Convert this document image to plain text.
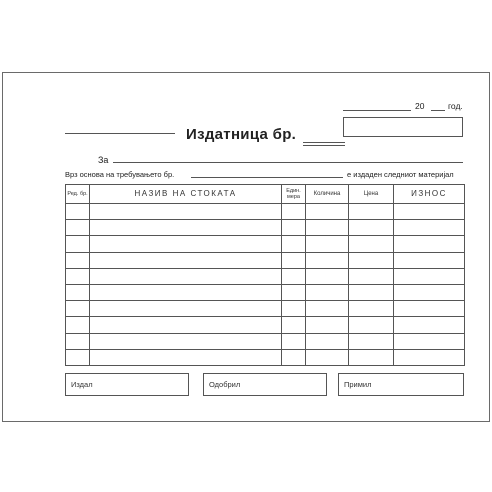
20	год.
Издатница бр.
За
Врз основа на требувањето бр.	е издаден следниот материјал
Ред. бр.	НАЗИВ НА СТОКАТА	Един. мера	Количина	Цена	ИЗНОС

Издал	Одобрил	Примил
